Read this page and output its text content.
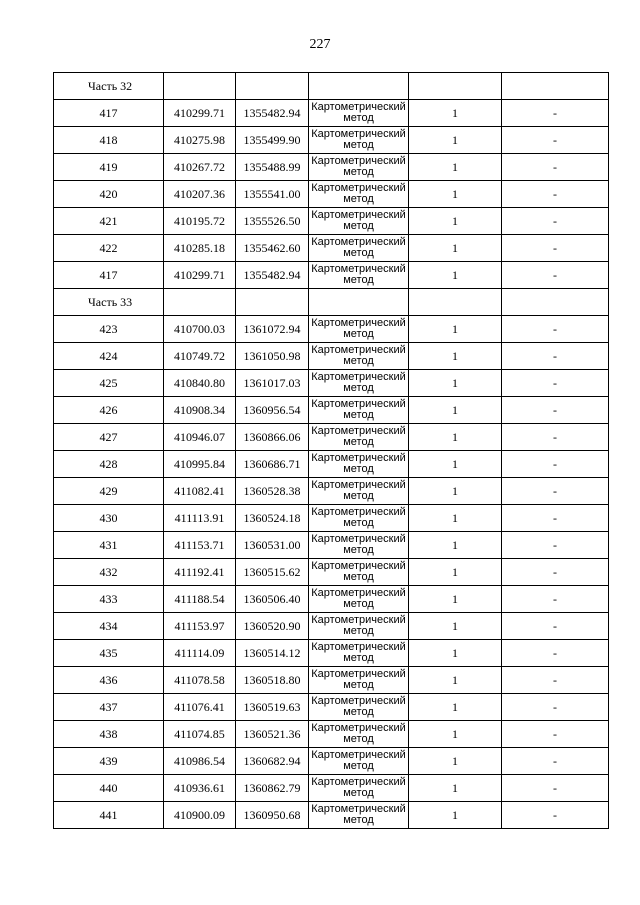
227
Часть 32					
417	410299.71	1355482.94	Картометрический метод	1	-
418	410275.98	1355499.90	Картометрический метод	1	-
419	410267.72	1355488.99	Картометрический метод	1	-
420	410207.36	1355541.00	Картометрический метод	1	-
421	410195.72	1355526.50	Картометрический метод	1	-
422	410285.18	1355462.60	Картометрический метод	1	-
417	410299.71	1355482.94	Картометрический метод	1	-
Часть 33					
423	410700.03	1361072.94	Картометрический метод	1	-
424	410749.72	1361050.98	Картометрический метод	1	-
425	410840.80	1361017.03	Картометрический метод	1	-
426	410908.34	1360956.54	Картометрический метод	1	-
427	410946.07	1360866.06	Картометрический метод	1	-
428	410995.84	1360686.71	Картометрический метод	1	-
429	411082.41	1360528.38	Картометрический метод	1	-
430	411113.91	1360524.18	Картометрический метод	1	-
431	411153.71	1360531.00	Картометрический метод	1	-
432	411192.41	1360515.62	Картометрический метод	1	-
433	411188.54	1360506.40	Картометрический метод	1	-
434	411153.97	1360520.90	Картометрический метод	1	-
435	411114.09	1360514.12	Картометрический метод	1	-
436	411078.58	1360518.80	Картометрический метод	1	-
437	411076.41	1360519.63	Картометрический метод	1	-
438	411074.85	1360521.36	Картометрический метод	1	-
439	410986.54	1360682.94	Картометрический метод	1	-
440	410936.61	1360862.79	Картометрический метод	1	-
441	410900.09	1360950.68	Картометрический метод	1	-
